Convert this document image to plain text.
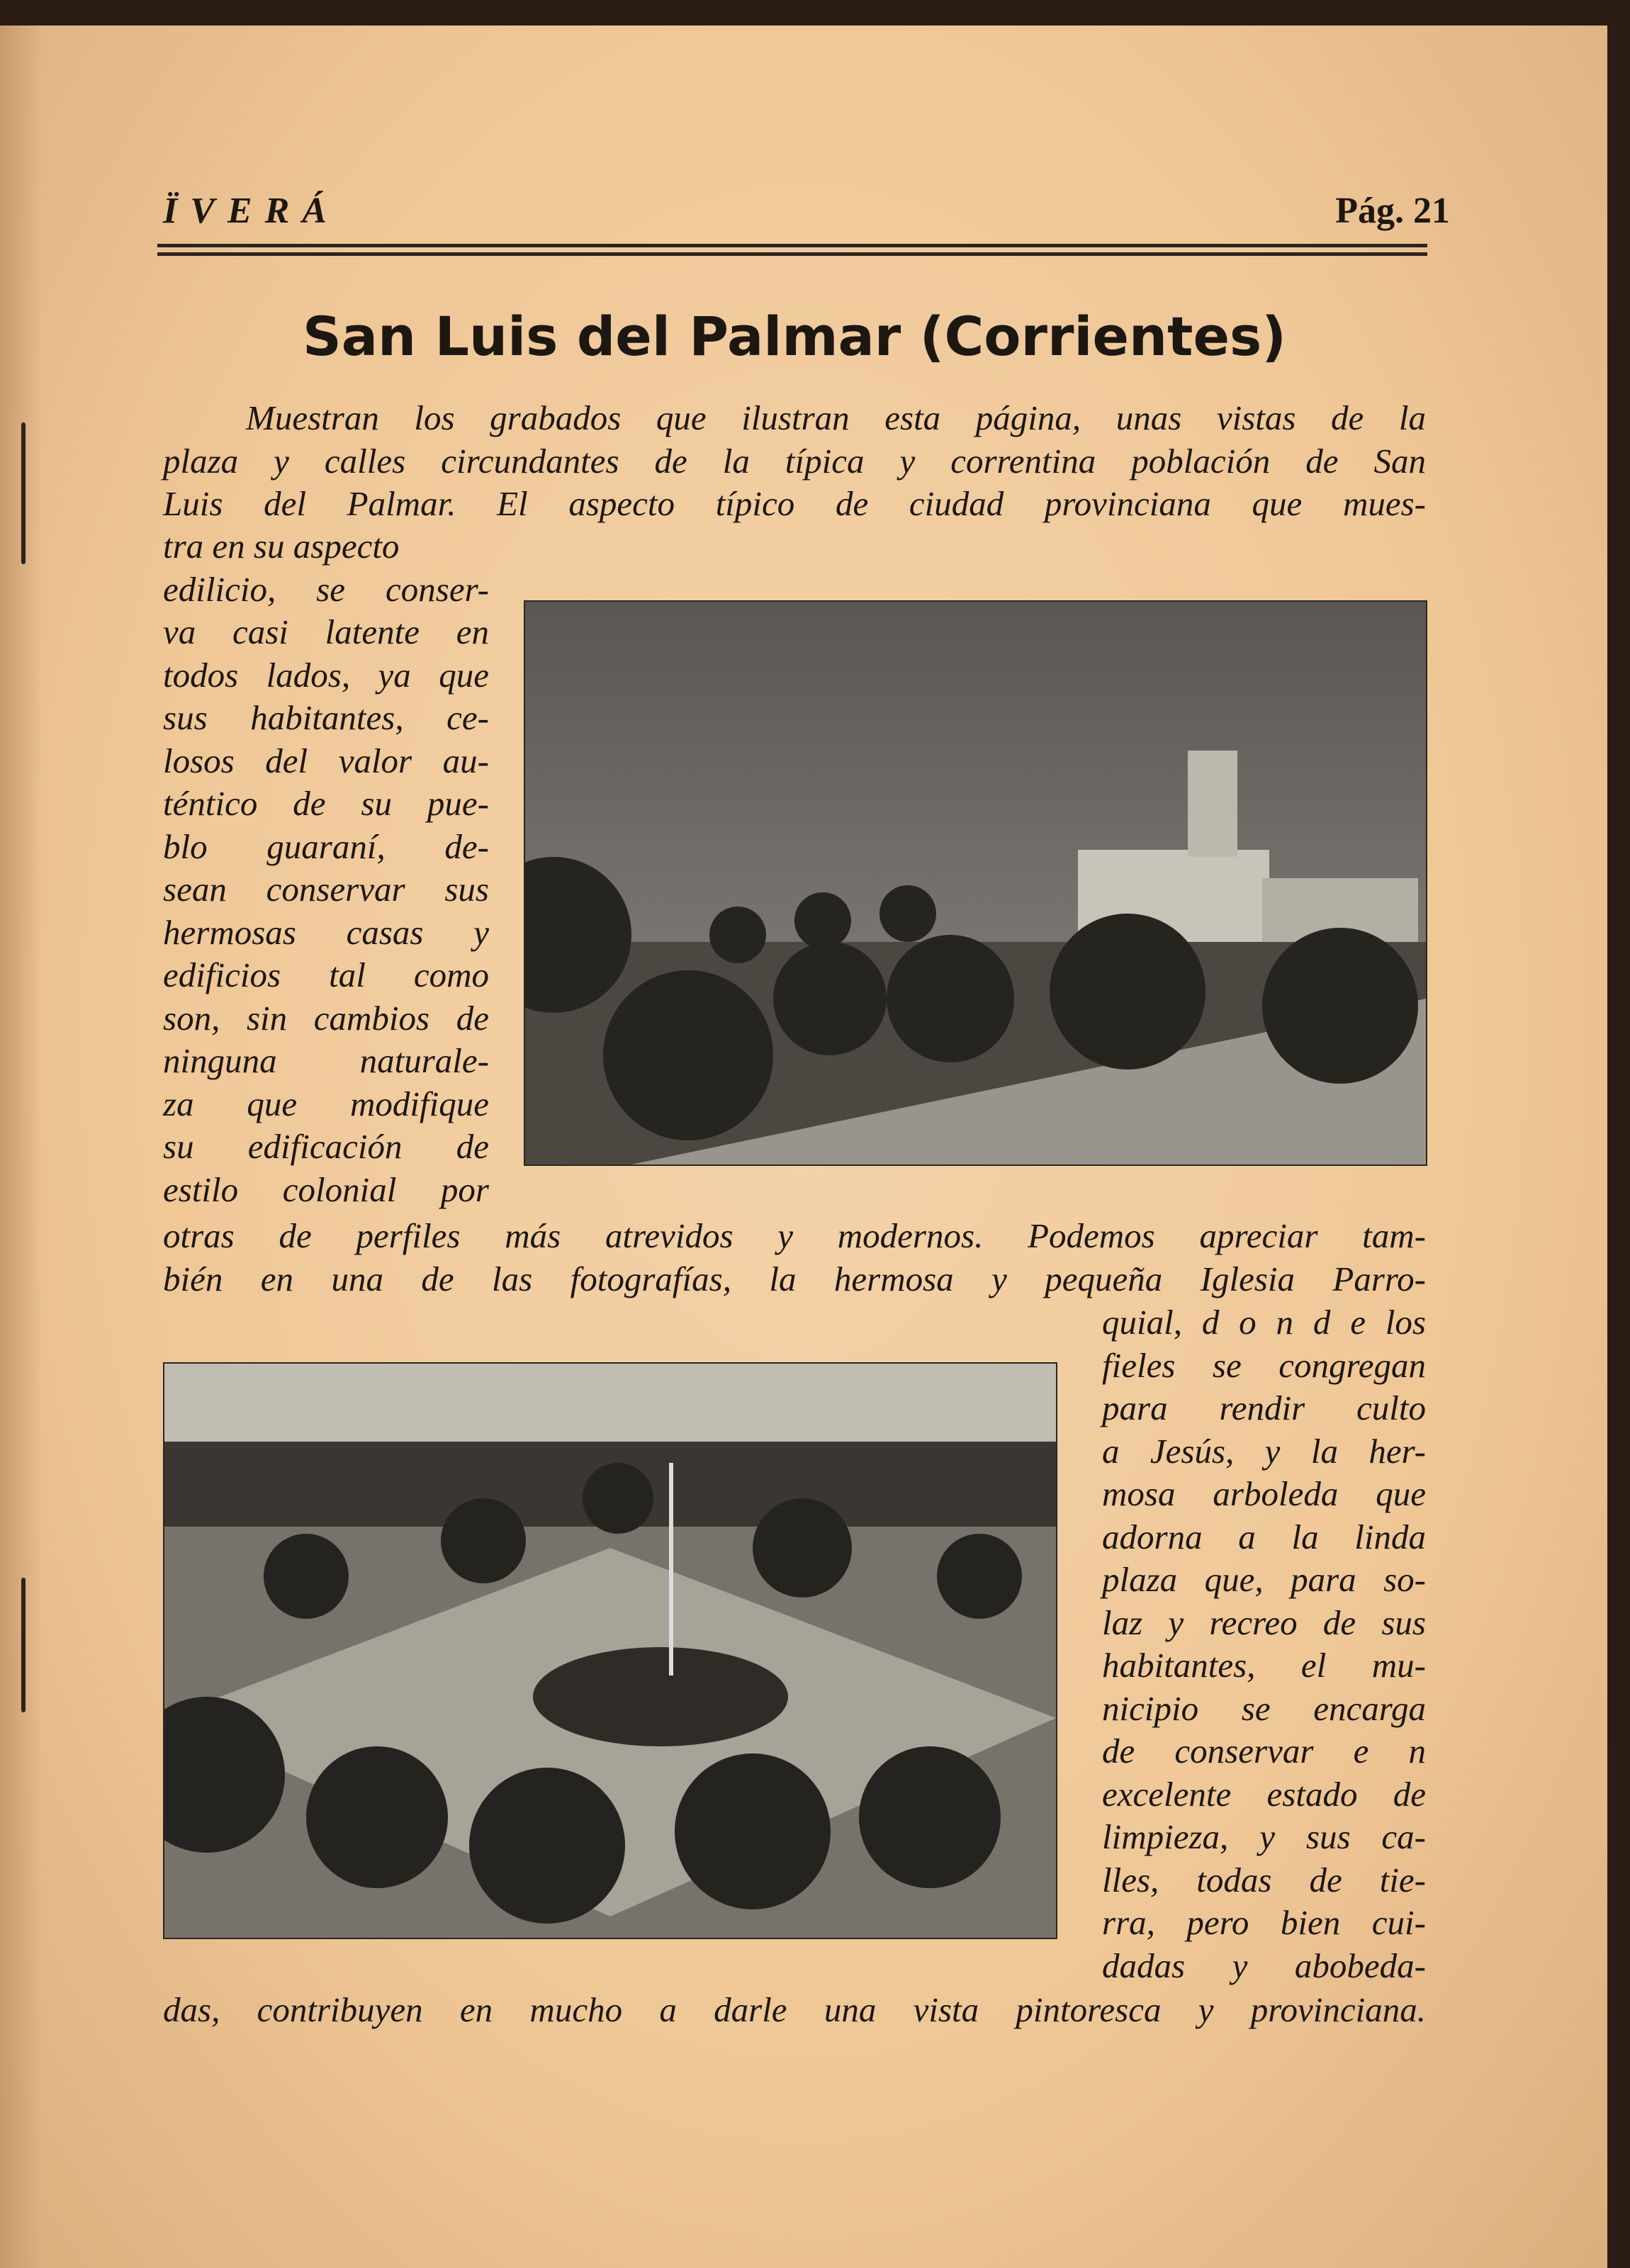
ÏVERÁ	Pág. 21
San Luis del Palmar (Corrientes)
Muestran los grabados que ilustran esta página, unas vistas de la
plaza y calles circundantes de la típica y correntina población de San
Luis del Palmar. El aspecto típico de ciudad provinciana que mues-
tra en su aspecto
edilicio, se conser-
va casi latente en
todos lados, ya que
sus habitantes, ce-
losos del valor au-
téntico de su pue-
blo guaraní, de-
sean conservar sus
hermosas casas y
edificios tal como
son, sin cambios de
ninguna naturale-
za que modifique
su edificación de
estilo colonial por
otras de perfiles más atrevidos y modernos. Podemos apreciar tam-
bién en una de las fotografías, la hermosa y pequeña Iglesia Parro-
quial, d o n d e los
fieles se congregan
para rendir culto
a Jesús, y la her-
mosa arboleda que
adorna a la linda
plaza que, para so-
laz y recreo de sus
habitantes, el mu-
nicipio se encarga
de conservar e n
excelente estado de
limpieza, y sus ca-
lles, todas de tie-
rra, pero bien cui-
dadas y abobeda-
das, contribuyen en mucho a darle una vista pintoresca y provinciana.
